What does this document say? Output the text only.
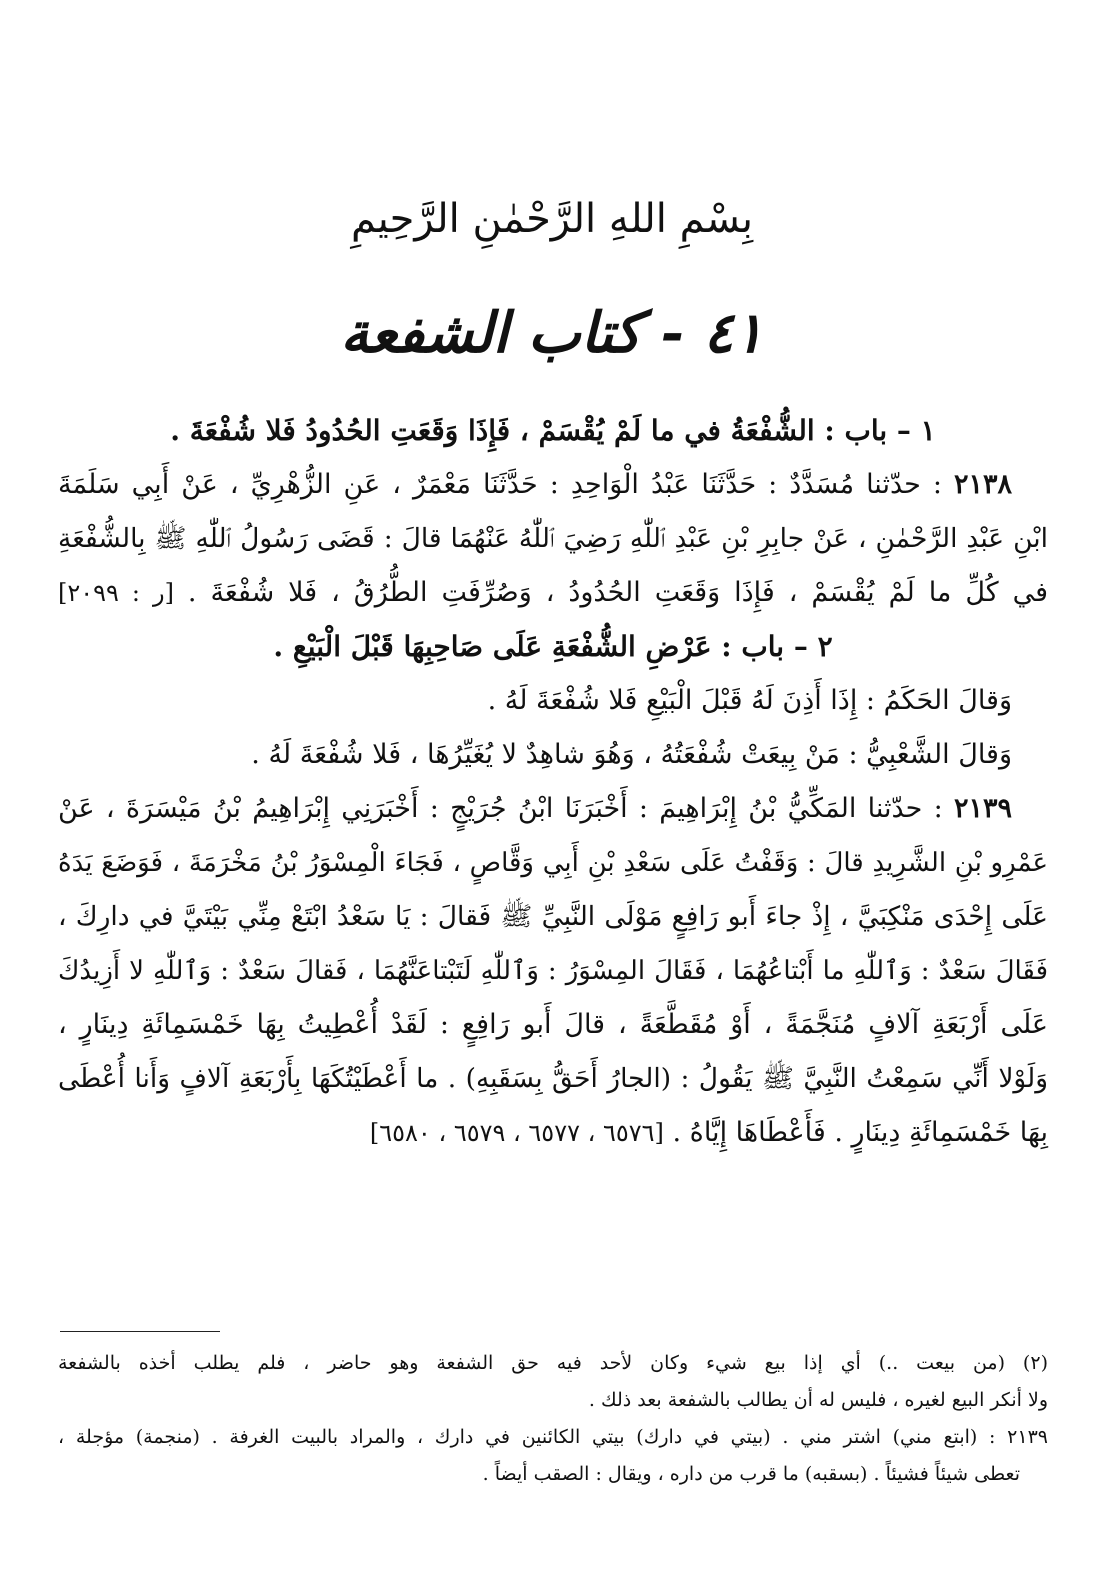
بِسْمِ اللهِ الرَّحْمٰنِ الرَّحِيمِ
٤١ - كتاب الشفعة
١ – باب : الشُّفْعَةُ في ما لَمْ يُقْسَمْ ، فَإِذَا وَقَعَتِ الحُدُودُ فَلا شُفْعَةَ .
٢١٣٨ : حدّثنا مُسَدَّدٌ : حَدَّثَنَا عَبْدُ الْوَاحِدِ : حَدَّثَنَا مَعْمَرٌ ، عَنِ الزُّهْرِيِّ ، عَنْ أَبِي سَلَمَةَ
ابْنِ عَبْدِ الرَّحْمٰنِ ، عَنْ جابِرِ بْنِ عَبْدِ ٱللّٰهِ رَضِيَ ٱللّٰهُ عَنْهُمَا قالَ : قَضَى رَسُولُ ٱللّٰهِ ﷺ بِالشُّفْعَةِ
في كُلِّ ما لَمْ يُقْسَمْ ، فَإِذَا وَقَعَتِ الحُدُودُ ، وَصُرِّفَتِ الطُّرُقُ ، فَلا شُفْعَةَ . [ر : ٢٠٩٩]
٢ – باب : عَرْضِ الشُّفْعَةِ عَلَى صَاحِبِهَا قَبْلَ الْبَيْعِ .
وَقالَ الحَكَمُ : إِذَا أَذِنَ لَهُ قَبْلَ الْبَيْعِ فَلا شُفْعَةَ لَهُ .
وَقالَ الشَّعْبِيُّ : مَنْ بِيعَتْ شُفْعَتُهُ ، وَهُوَ شاهِدٌ لا يُغَيِّرُهَا ، فَلا شُفْعَةَ لَهُ .
٢١٣٩ : حدّثنا المَكِّيُّ بْنُ إِبْرَاهِيمَ : أَخْبَرَنَا ابْنُ جُرَيْجٍ : أَخْبَرَنِي إِبْرَاهِيمُ بْنُ مَيْسَرَةَ ، عَنْ
عَمْرِو بْنِ الشَّرِيدِ قالَ : وَقَفْتُ عَلَى سَعْدِ بْنِ أَبِي وَقَّاصٍ ، فَجَاءَ الْمِسْوَرُ بْنُ مَخْرَمَةَ ، فَوَضَعَ يَدَهُ
عَلَى إِحْدَى مَنْكِبَيَّ ، إِذْ جاءَ أَبو رَافِعٍ مَوْلَى النَّبِيِّ ﷺ فَقالَ : يَا سَعْدُ ابْتَعْ مِنِّي بَيْتَيَّ في دارِكَ ،
فَقَالَ سَعْدٌ : وَٱللّٰهِ ما أَبْتاعُهُمَا ، فَقَالَ المِسْوَرُ : وَٱللّٰهِ لَتَبْتاعَنَّهُمَا ، فَقالَ سَعْدٌ : وَٱللّٰهِ لا أَزِيدُكَ
عَلَى أَرْبَعَةِ آلافٍ مُنَجَّمَةً ، أَوْ مُقَطَّعَةً ، قالَ أَبو رَافِعٍ : لَقَدْ أُعْطِيتُ بِهَا خَمْسَمِائَةِ دِينَارٍ ،
وَلَوْلا أَنِّي سَمِعْتُ النَّبِيَّ ﷺ يَقُولُ : (الجارُ أَحَقُّ بِسَقَبِهِ) . ما أَعْطَيْتُكَهَا بِأَرْبَعَةِ آلافٍ وَأَنا أُعْطَى
بِهَا خَمْسَمِائَةِ دِينَارٍ . فَأَعْطَاهَا إِيَّاهُ . [٦٥٧٦ ، ٦٥٧٧ ، ٦٥٧٩ ، ٦٥٨٠]
(٢) (من بيعت ..) أي إذا بيع شيء وكان لأحد فيه حق الشفعة وهو حاضر ، فلم يطلب أخذه بالشفعة
ولا أنكر البيع لغيره ، فليس له أن يطالب بالشفعة بعد ذلك .
٢١٣٩ : (ابتع مني) اشتر مني . (بيتي في دارك) بيتي الكائنين في دارك ، والمراد بالبيت الغرفة . (منجمة) مؤجلة ،
تعطى شيئاً فشيئاً . (بسقبه) ما قرب من داره ، ويقال : الصقب أيضاً .
